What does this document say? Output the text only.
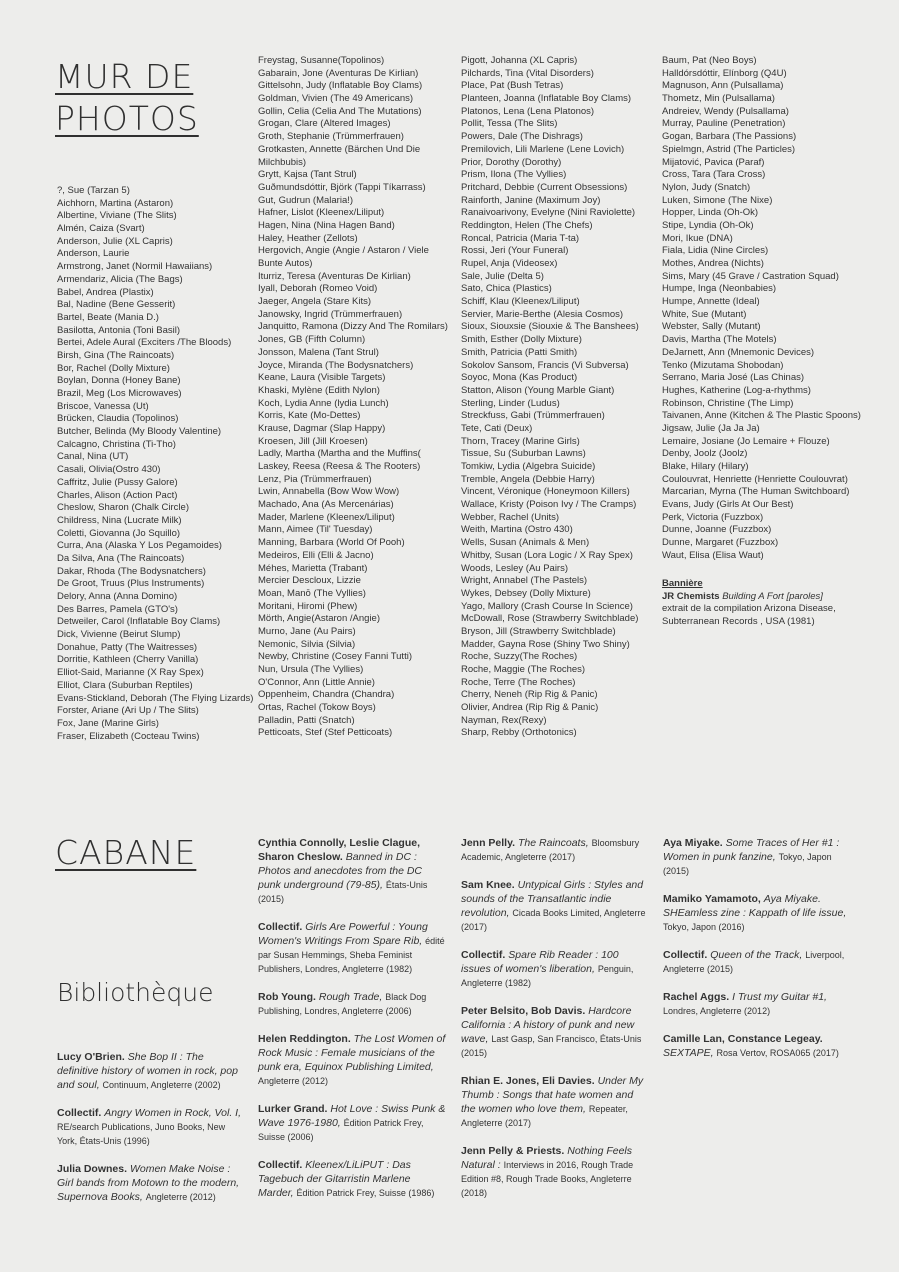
MUR DE
PHOTOS
?, Sue (Tarzan 5)
Aichhorn, Martina (Astaron)
Albertine, Viviane (The Slits)
Almén, Caiza (Svart)
Anderson, Julie (XL Capris)
Anderson, Laurie
Armstrong, Janet (Normil Hawaiians)
Armendariz, Alicia (The Bags)
Babel, Andrea (Plastix)
Bal, Nadine (Bene Gesserit)
Bartel, Beate (Mania D.)
Basilotta, Antonia (Toni Basil)
Bertei, Adele Aural (Exciters /The Bloods)
Birsh, Gina (The Raincoats)
Bor, Rachel (Dolly Mixture)
Boylan, Donna (Honey Bane)
Brazil, Meg (Los Microwaves)
Briscoe, Vanessa (Ut)
Brücken, Claudia (Topolinos)
Butcher, Belinda (My Bloody Valentine)
Calcagno, Christina (Ti-Tho)
Canal, Nina (UT)
Casali, Olivia(Ostro 430)
Caffritz, Julie (Pussy Galore)
Charles, Alison (Action Pact)
Cheslow, Sharon (Chalk Circle)
Childress, Nina (Lucrate Milk)
Coletti, Giovanna (Jo Squillo)
Curra, Ana (Alaska Y Los Pegamoides)
Da Silva, Ana (The Raincoats)
Dakar, Rhoda (The Bodysnatchers)
De Groot, Truus (Plus Instruments)
Delory, Anna (Anna Domino)
Des Barres, Pamela (GTO's)
Detweiler, Carol (Inflatable Boy Clams)
Dick, Vivienne (Beirut Slump)
Donahue, Patty (The Waitresses)
Dorritie, Kathleen (Cherry Vanilla)
Elliot-Said, Marianne (X Ray Spex)
Elliot, Clara (Suburban Reptiles)
Evans-Stickland, Deborah (The Flying Lizards)
Forster, Ariane (Ari Up / The Slits)
Fox, Jane (Marine Girls)
Fraser, Elizabeth (Cocteau Twins)
Freystag, Susanne(Topolinos)
Gabarain, Jone (Aventuras De Kirlian)
Gittelsohn, Judy (Inflatable Boy Clams)
Goldman, Vivien (The 49 Americans)
Gollin, Celia (Celia And The Mutations)
Grogan, Clare (Altered Images)
Groth, Stephanie (Trümmerfrauen)
Grotkasten, Annette (Bärchen Und Die
Milchbubis)
Grytt, Kajsa (Tant Strul)
Guðmundsdóttir, Björk (Tappi Tíkarrass)
Gut, Gudrun (Malaria!)
Hafner, Lislot (Kleenex/Liliput)
Hagen, Nina (Nina Hagen Band)
Haley, Heather (Zellots)
Hergovich, Angie (Angie / Astaron / Viele
Bunte Autos)
Iturriz, Teresa (Aventuras De Kirlian)
Iyall, Deborah (Romeo Void)
Jaeger, Angela (Stare Kits)
Janowsky, Ingrid (Trümmerfrauen)
Janquitto, Ramona (Dizzy And The Romilars)
Jones, GB (Fifth Column)
Jonsson, Malena (Tant Strul)
Joyce, Miranda (The Bodysnatchers)
Keane, Laura (Visible Targets)
Khaski, Mylène (Edith Nylon)
Koch, Lydia Anne (lydia Lunch)
Korris, Kate (Mo-Dettes)
Krause, Dagmar (Slap Happy)
Kroesen, Jill (Jill Kroesen)
Ladly, Martha (Martha and the Muffins(
Laskey, Reesa (Reesa & The Rooters)
Lenz, Pia (Trümmerfrauen)
Lwin, Annabella (Bow Wow Wow)
Machado, Ana (As Mercenárias)
Mader, Marlene (Kleenex/Liliput)
Mann, Aimee (Til' Tuesday)
Manning, Barbara (World Of Pooh)
Medeiros, Elli (Elli & Jacno)
Méhes, Marietta (Trabant)
Mercier Descloux, Lizzie
Moan, Manō (The Vyllies)
Moritani, Hiromi (Phew)
Mörth, Angie(Astaron /Angie)
Murno, Jane (Au Pairs)
Nemonic, Silvia (Silvia)
Newby, Christine (Cosey Fanni Tutti)
Nun, Ursula (The Vyllies)
O'Connor, Ann (Little Annie)
Oppenheim, Chandra (Chandra)
Ortas, Rachel (Tokow Boys)
Palladin, Patti (Snatch)
Petticoats, Stef (Stef Petticoats)
Pigott, Johanna (XL Capris)
Pilchards, Tina (Vital Disorders)
Place, Pat (Bush Tetras)
Planteen, Joanna (Inflatable Boy Clams)
Platonos, Lena (Lena Platonos)
Pollit, Tessa (The Slits)
Powers, Dale (The Dishrags)
Premilovich, Lili Marlene (Lene Lovich)
Prior, Dorothy (Dorothy)
Prism, Ilona (The Vyllies)
Pritchard, Debbie (Current Obsessions)
Rainforth, Janine (Maximum Joy)
Ranaivoarivony, Evelyne (Nini Raviolette)
Reddington, Helen (The Chefs)
Roncal, Patricia (Maria T-ta)
Rossi, Jeri (Your Funeral)
Rupel, Anja (Videosex)
Sale, Julie (Delta 5)
Sato, Chica (Plastics)
Schiff, Klau (Kleenex/Liliput)
Servier, Marie-Berthe (Alesia Cosmos)
Sioux, Siouxsie (Siouxie & The Banshees)
Smith, Esther (Dolly Mixture)
Smith, Patricia (Patti Smith)
Sokolov Sansom, Francis (Vi Subversa)
Soyoc, Mona (Kas Product)
Statton, Alison (Young Marble Giant)
Sterling, Linder (Ludus)
Streckfuss, Gabi (Trümmerfrauen)
Tete, Cati (Deux)
Thorn, Tracey (Marine Girls)
Tissue, Su (Suburban Lawns)
Tomkiw, Lydia (Algebra Suicide)
Tremble, Angela (Debbie Harry)
Vincent, Véronique (Honeymoon Killers)
Wallace, Kristy (Poison Ivy / The Cramps)
Webber, Rachel (Units)
Weith, Martina (Ostro 430)
Wells, Susan (Animals & Men)
Whitby, Susan (Lora Logic / X Ray Spex)
Woods, Lesley (Au Pairs)
Wright, Annabel (The Pastels)
Wykes, Debsey (Dolly Mixture)
Yago, Mallory (Crash Course In Science)
McDowall, Rose (Strawberry Switchblade)
Bryson, Jill (Strawberry Switchblade)
Madder, Gayna Rose (Shiny Two Shiny)
Roche, Suzzy(The Roches)
Roche, Maggie (The Roches)
Roche, Terre (The Roches)
Cherry, Neneh (Rip Rig & Panic)
Olivier, Andrea (Rip Rig & Panic)
Nayman, Rex(Rexy)
Sharp, Rebby (Orthotonics)
Baum, Pat (Neo Boys)
Halldórsdóttir, Elínborg (Q4U)
Magnuson, Ann (Pulsallama)
Thometz, Min (Pulsallama)
Andreiev, Wendy (Pulsallama)
Murray, Pauline (Penetration)
Gogan, Barbara (The Passions)
Spielmgn, Astrid (The Particles)
Mijatović, Pavica (Paraf)
Cross, Tara (Tara Cross)
Nylon, Judy (Snatch)
Luken, Simone (The Nixe)
Hopper, Linda (Oh-Ok)
Stipe, Lyndia (Oh-Ok)
Mori, Ikue (DNA)
Fiala, Lidia (Nine Circles)
Mothes, Andrea (Nichts)
Sims, Mary (45 Grave / Castration Squad)
Humpe, Inga (Neonbabies)
Humpe, Annette (Ideal)
White, Sue (Mutant)
Webster, Sally (Mutant)
Davis, Martha (The Motels)
DeJarnett, Ann (Mnemonic Devices)
Tenko (Mizutama Shobodan)
Serrano, Maria José (Las Chinas)
Hughes, Katherine (Log-a-rhythms)
Robinson, Christine (The Limp)
Taivanen, Anne (Kitchen & The Plastic Spoons)
Jigsaw, Julie (Ja Ja Ja)
Lemaire, Josiane (Jo Lemaire + Flouze)
Denby, Joolz (Joolz)
Blake, Hilary (Hilary)
Coulouvrat, Henriette (Henriette Coulouvrat)
Marcarian, Myrna (The Human Switchboard)
Evans, Judy (Girls At Our Best)
Perk, Victoria (Fuzzbox)
Dunne, Joanne (Fuzzbox)
Dunne, Margaret (Fuzzbox)
Waut, Elisa (Elisa Waut)
Bannière
JR Chemists Building A Fort [paroles]
extrait de la compilation Arizona Disease,
Subterranean Records , USA (1981)
CABANE
Bibliothèque
Lucy O'Brien. She Bop II : The definitive history of women in rock, pop and soul, Continuum, Angleterre (2002)
Collectif. Angry Women in Rock, Vol. I, RE/search Publications, Juno Books, New York, États-Unis (1996)
Julia Downes. Women Make Noise : Girl bands from Motown to the modern, Supernova Books, Angleterre (2012)
Cynthia Connolly, Leslie Clague, Sharon Cheslow. Banned in DC : Photos and anecdotes from the DC punk underground (79-85), États-Unis (2015)
Collectif. Girls Are Powerful : Young Women's Writings From Spare Rib, édité par Susan Hemmings, Sheba Feminist Publishers, Londres, Angleterre (1982)
Rob Young. Rough Trade, Black Dog Publishing, Londres, Angleterre (2006)
Helen Reddington. The Lost Women of Rock Music : Female musicians of the punk era, Equinox Publishing Limited, Angleterre (2012)
Lurker Grand. Hot Love : Swiss Punk & Wave 1976-1980, Édition Patrick Frey, Suisse (2006)
Collectif. Kleenex/LiLiPUT : Das Tagebuch der Gitarristin Marlene Marder, Édition Patrick Frey, Suisse (1986)
Jenn Pelly. The Raincoats, Bloomsbury Academic, Angleterre (2017)
Sam Knee. Untypical Girls : Styles and sounds of the Transatlantic indie revolution, Cicada Books Limited, Angleterre (2017)
Collectif. Spare Rib Reader : 100 issues of women's liberation, Penguin, Angleterre (1982)
Peter Belsito, Bob Davis. Hardcore California : A history of punk and new wave, Last Gasp, San Francisco, États-Unis (2015)
Rhian E. Jones, Eli Davies. Under My Thumb : Songs that hate women and the women who love them, Repeater, Angleterre (2017)
Jenn Pelly & Priests. Nothing Feels Natural : Interviews in 2016, Rough Trade Edition #8, Rough Trade Books, Angleterre (2018)
Aya Miyake. Some Traces of Her #1 : Women in punk fanzine, Tokyo, Japon (2015)
Mamiko Yamamoto, Aya Miyake. SHEamless zine : Kappath of life issue, Tokyo, Japon (2016)
Collectif. Queen of the Track, Liverpool, Angleterre (2015)
Rachel Aggs. I Trust my Guitar #1, Londres, Angleterre (2012)
Camille Lan, Constance Legeay. SEXTAPE, Rosa Vertov, ROSA065 (2017)
